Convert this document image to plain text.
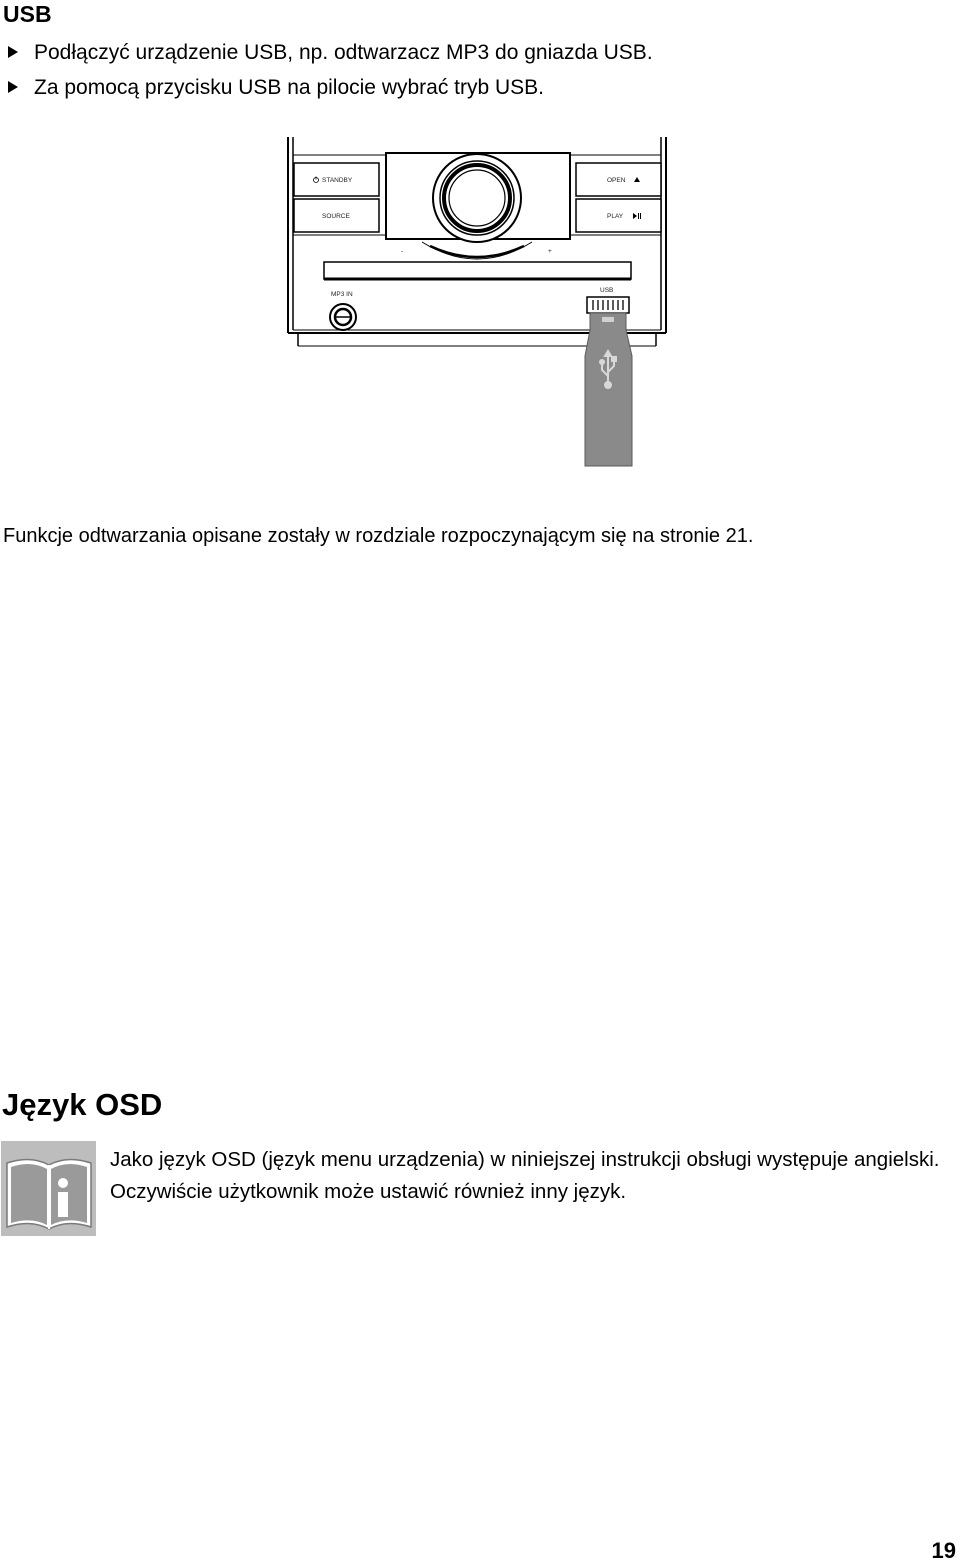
USB
Podłączyć urządzenie USB, np. odtwarzacz MP3 do gniazda USB.
Za pomocą przycisku USB na pilocie wybrać tryb USB.
STANDBY
SOURCE
OPEN
PLAY
-	+
MP3 IN
USB
Funkcje odtwarzania opisane zostały w rozdziale rozpoczynającym się na stronie 21.
Język OSD

Jako język OSD (język menu urządzenia) w niniejszej instrukcji obsługi występuje angielski.

Oczywiście użytkownik może ustawić również inny język.

19
